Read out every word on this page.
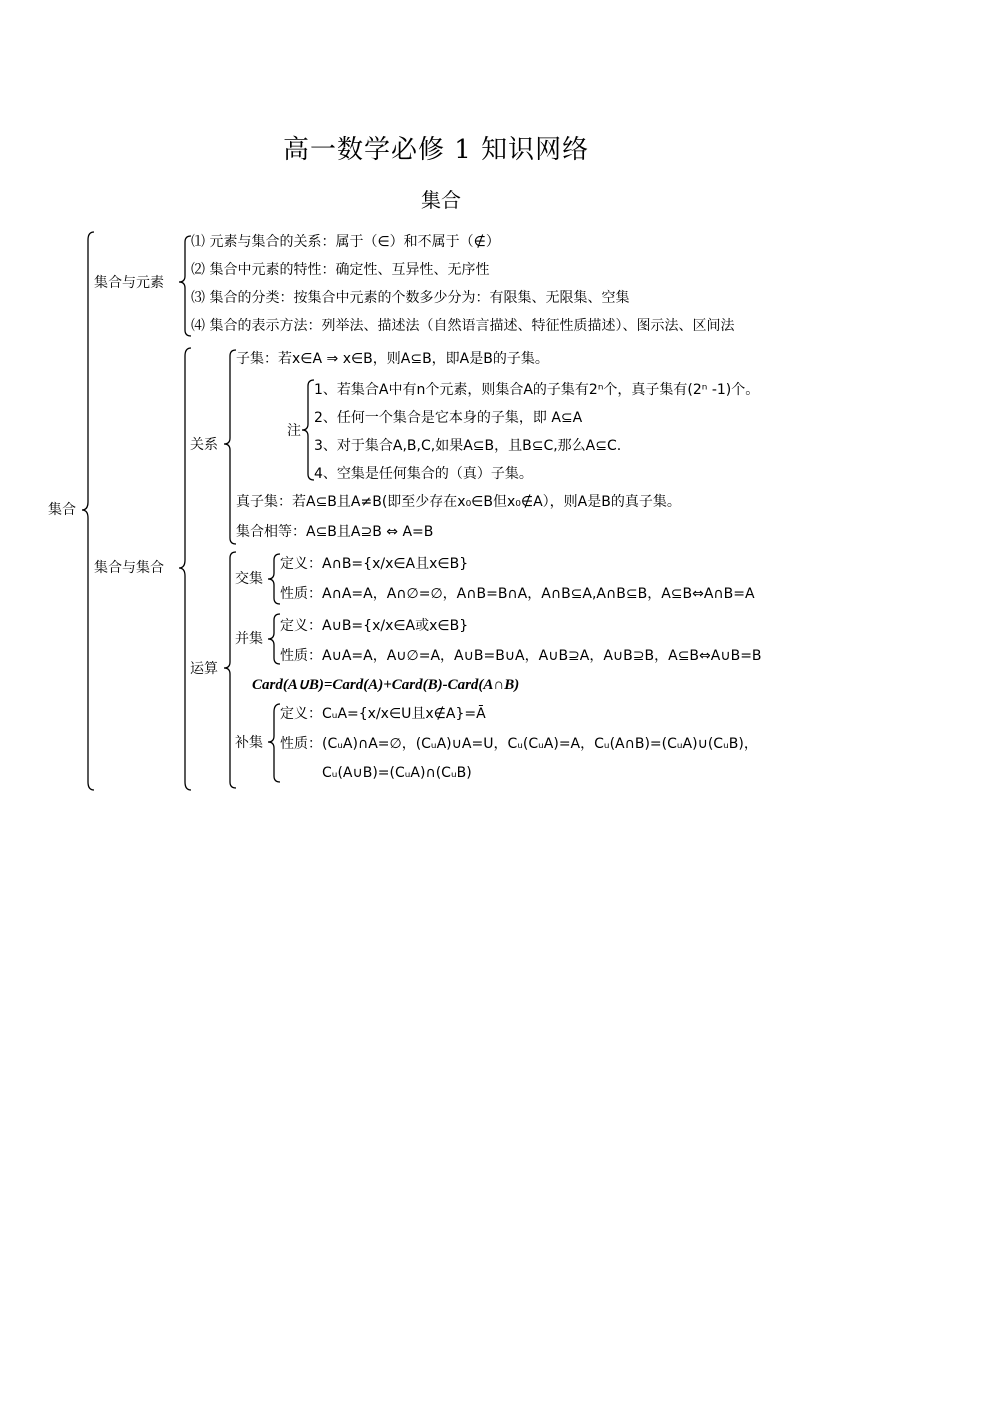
高一数学必修 1 知识网络
集合
集合
集合与元素
⑴ 元素与集合的关系：属于（∈）和不属于（∉）
⑵ 集合中元素的特性：确定性、互异性、无序性
⑶ 集合的分类：按集合中元素的个数多少分为：有限集、无限集、空集
⑷ 集合的表示方法：列举法、描述法（自然语言描述、特征性质描述）、图示法、区间法
集合与集合
关系
子集：若x∈A ⇒ x∈B，则A⊆B，即A是B的子集。
注
1、若集合A中有n个元素，则集合A的子集有2ⁿ个，真子集有(2ⁿ -1)个。
2、任何一个集合是它本身的子集，即 A⊆A
3、对于集合A,B,C,如果A⊆B，且B⊆C,那么A⊆C.
4、空集是任何集合的（真）子集。
真子集：若A⊆B且A≠B(即至少存在x₀∈B但x₀∉A），则A是B的真子集。
集合相等：A⊆B且A⊇B ⇔ A=B
运算
交集
定义：A∩B={x/x∈A且x∈B}
性质：A∩A=A，A∩∅=∅，A∩B=B∩A，A∩B⊆A,A∩B⊆B，A⊆B⇔A∩B=A
并集
定义：A∪B={x/x∈A或x∈B}
性质：A∪A=A，A∪∅=A，A∪B=B∪A，A∪B⊇A，A∪B⊇B，A⊆B⇔A∪B=B
Card(A∪B)=Card(A)+Card(B)-Card(A∩B)
补集
定义：CᵤA={x/x∈U且x∉A}=Ā
性质：(CᵤA)∩A=∅，(CᵤA)∪A=U，Cᵤ(CᵤA)=A，Cᵤ(A∩B)=(CᵤA)∪(CᵤB)，
Cᵤ(A∪B)=(CᵤA)∩(CᵤB)
